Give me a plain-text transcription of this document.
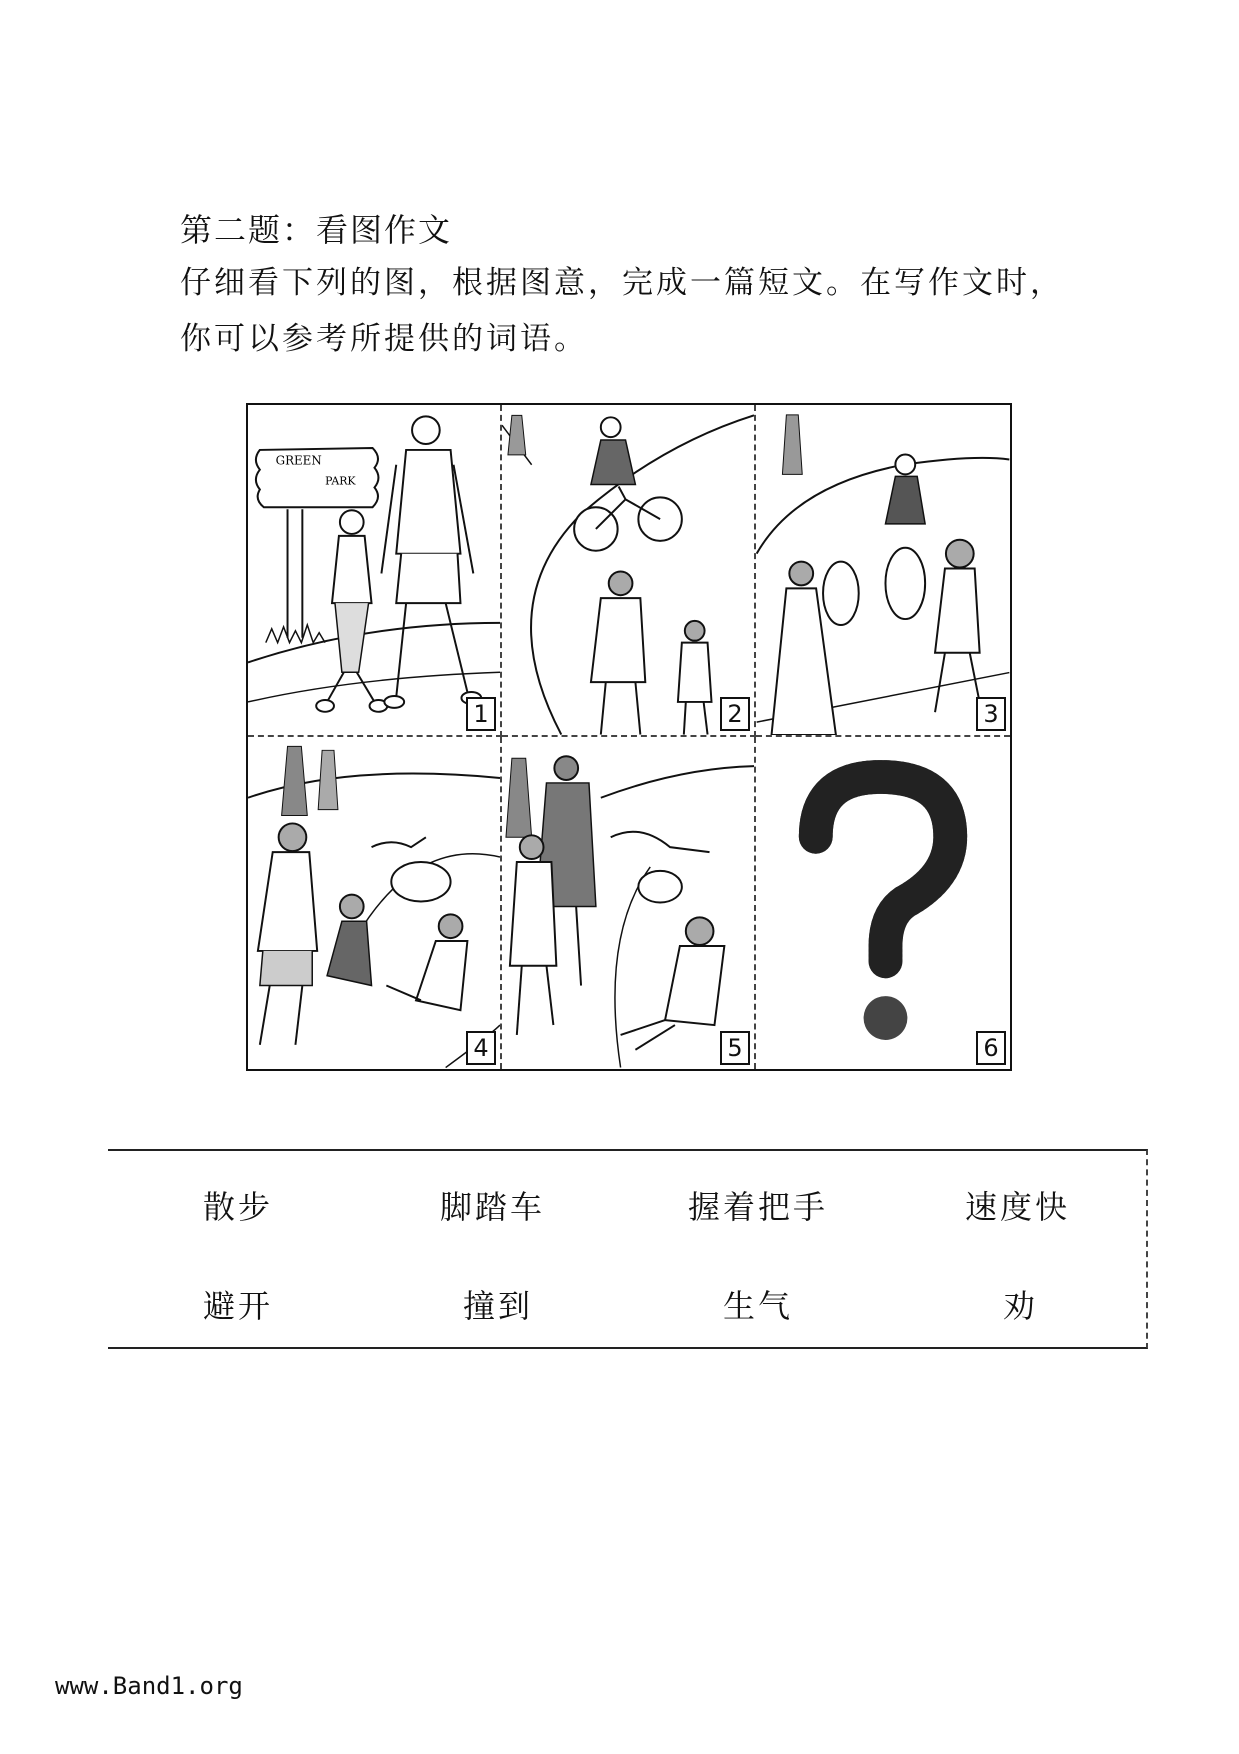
第二题：看图作文
仔细看下列的图，根据图意，完成一篇短文。在写作文时，
你可以参考所提供的词语。
GREEN
PARK
1	2	3
4	5	6
散步	脚踏车	握着把手	速度快
避开	撞到	生气	劝
www.Band1.org
